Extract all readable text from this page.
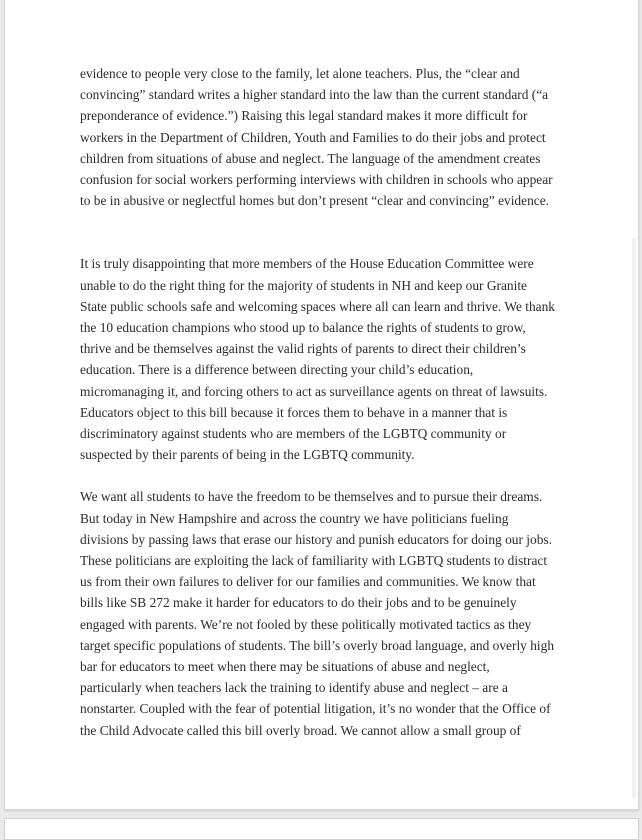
evidence to people very close to the family, let alone teachers. Plus, the “clear and
convincing” standard writes a higher standard into the law than the current standard (“a
preponderance of evidence.”) Raising this legal standard makes it more difficult for
workers in the Department of Children, Youth and Families to do their jobs and protect
children from situations of abuse and neglect. The language of the amendment creates
confusion for social workers performing interviews with children in schools who appear
to be in abusive or neglectful homes but don’t present “clear and convincing” evidence.

It is truly disappointing that more members of the House Education Committee were
unable to do the right thing for the majority of students in NH and keep our Granite
State public schools safe and welcoming spaces where all can learn and thrive. We thank
the 10 education champions who stood up to balance the rights of students to grow,
thrive and be themselves against the valid rights of parents to direct their children’s
education. There is a difference between directing your child’s education,
micromanaging it, and forcing others to act as surveillance agents on threat of lawsuits.
Educators object to this bill because it forces them to behave in a manner that is
discriminatory against students who are members of the LGBTQ community or
suspected by their parents of being in the LGBTQ community.

We want all students to have the freedom to be themselves and to pursue their dreams.
But today in New Hampshire and across the country we have politicians fueling
divisions by passing laws that erase our history and punish educators for doing our jobs.
These politicians are exploiting the lack of familiarity with LGBTQ students to distract
us from their own failures to deliver for our families and communities. We know that
bills like SB 272 make it harder for educators to do their jobs and to be genuinely
engaged with parents. We’re not fooled by these politically motivated tactics as they
target specific populations of students. The bill’s overly broad language, and overly high
bar for educators to meet when there may be situations of abuse and neglect,
particularly when teachers lack the training to identify abuse and neglect – are a
nonstarter. Coupled with the fear of potential litigation, it’s no wonder that the Office of
the Child Advocate called this bill overly broad. We cannot allow a small group of
